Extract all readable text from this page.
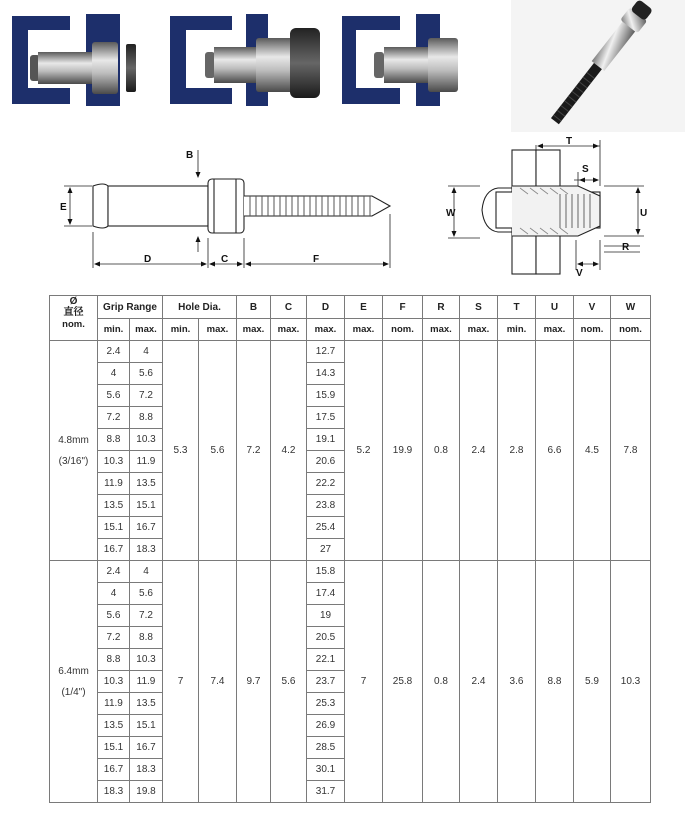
B
E
D	C	F
T
S
W	U
R
V
Ø
直径	Grip Range		Hole Dia.		B	C	D	E	F	R	S	T	U	V	W
nom.	min.	max.	min.	max.	max.	max.	max.	max.	nom.	max.	max.	min.	max.	nom.	nom.

4.8mm
(3/16")	2.4	4	5.3	5.6	7.2	4.2	12.7	5.2	19.9	0.8	2.4	2.8	6.6	4.5	7.8
	4	5.6					14.3								
	5.6	7.2					15.9								
	7.2	8.8					17.5								
	8.8	10.3					19.1								
	10.3	11.9					20.6								
	11.9	13.5					22.2								
	13.5	15.1					23.8								
	15.1	16.7					25.4								
	16.7	18.3					27								

6.4mm
(1/4")	2.4	4	7	7.4	9.7	5.6	15.8	7	25.8	0.8	2.4	3.6	8.8	5.9	10.3
	4	5.6					17.4								
	5.6	7.2					19								
	7.2	8.8					20.5								
	8.8	10.3					22.1								
	10.3	11.9					23.7								
	11.9	13.5					25.3								
	13.5	15.1					26.9								
	15.1	16.7					28.5								
	16.7	18.3					30.1								
	18.3	19.8					31.7								
